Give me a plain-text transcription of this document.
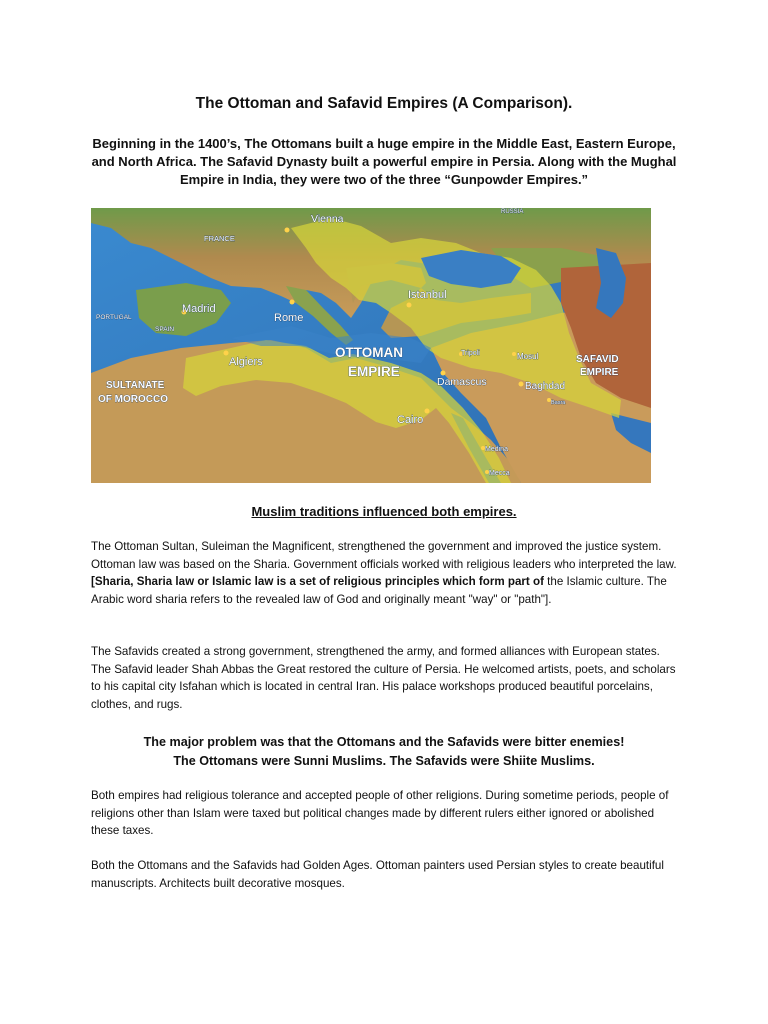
The Ottoman and Safavid Empires (A Comparison).
Beginning in the 1400’s, The Ottomans built a huge empire in the Middle East, Eastern Europe, and North Africa. The Safavid Dynasty built a powerful empire in Persia. Along with the Mughal Empire in India, they were two of the three “Gunpowder Empires.”
RUSSIA
FRANCE
Vienna
PORTUGAL
SPAIN
Madrid
Rome
Istanbul
Algiers
OTTOMAN
EMPIRE
Tripoli	Mosul	SAFAVID
EMPIRE
Damascus	Baghdad
Basra
SULTANATE
OF MOROCCO
Cairo
Medina
Mecca
Muslim traditions influenced both empires.
The Ottoman Sultan, Suleiman the Magnificent, strengthened the government and improved the justice system. Ottoman law was based on the Sharia. Government officials worked with religious leaders who interpreted the law. [Sharia, Sharia law or Islamic law is a set of religious principles which form part of the Islamic culture. The Arabic word sharia refers to the revealed law of God and originally meant "way" or "path"].
The Safavids created a strong government, strengthened the army, and formed alliances with European states. The Safavid leader Shah Abbas the Great restored the culture of Persia. He welcomed artists, poets, and scholars to his capital city Isfahan which is located in central Iran. His palace workshops produced beautiful porcelains, clothes, and rugs.
The major problem was that the Ottomans and the Safavids were bitter enemies!
The Ottomans were Sunni Muslims. The Safavids were Shiite Muslims.
Both empires had religious tolerance and accepted people of other religions. During sometime periods, people of religions other than Islam were taxed but political changes made by different rulers either ignored or abolished these taxes.
Both the Ottomans and the Safavids had Golden Ages. Ottoman painters used Persian styles to create beautiful manuscripts. Architects built decorative mosques.
